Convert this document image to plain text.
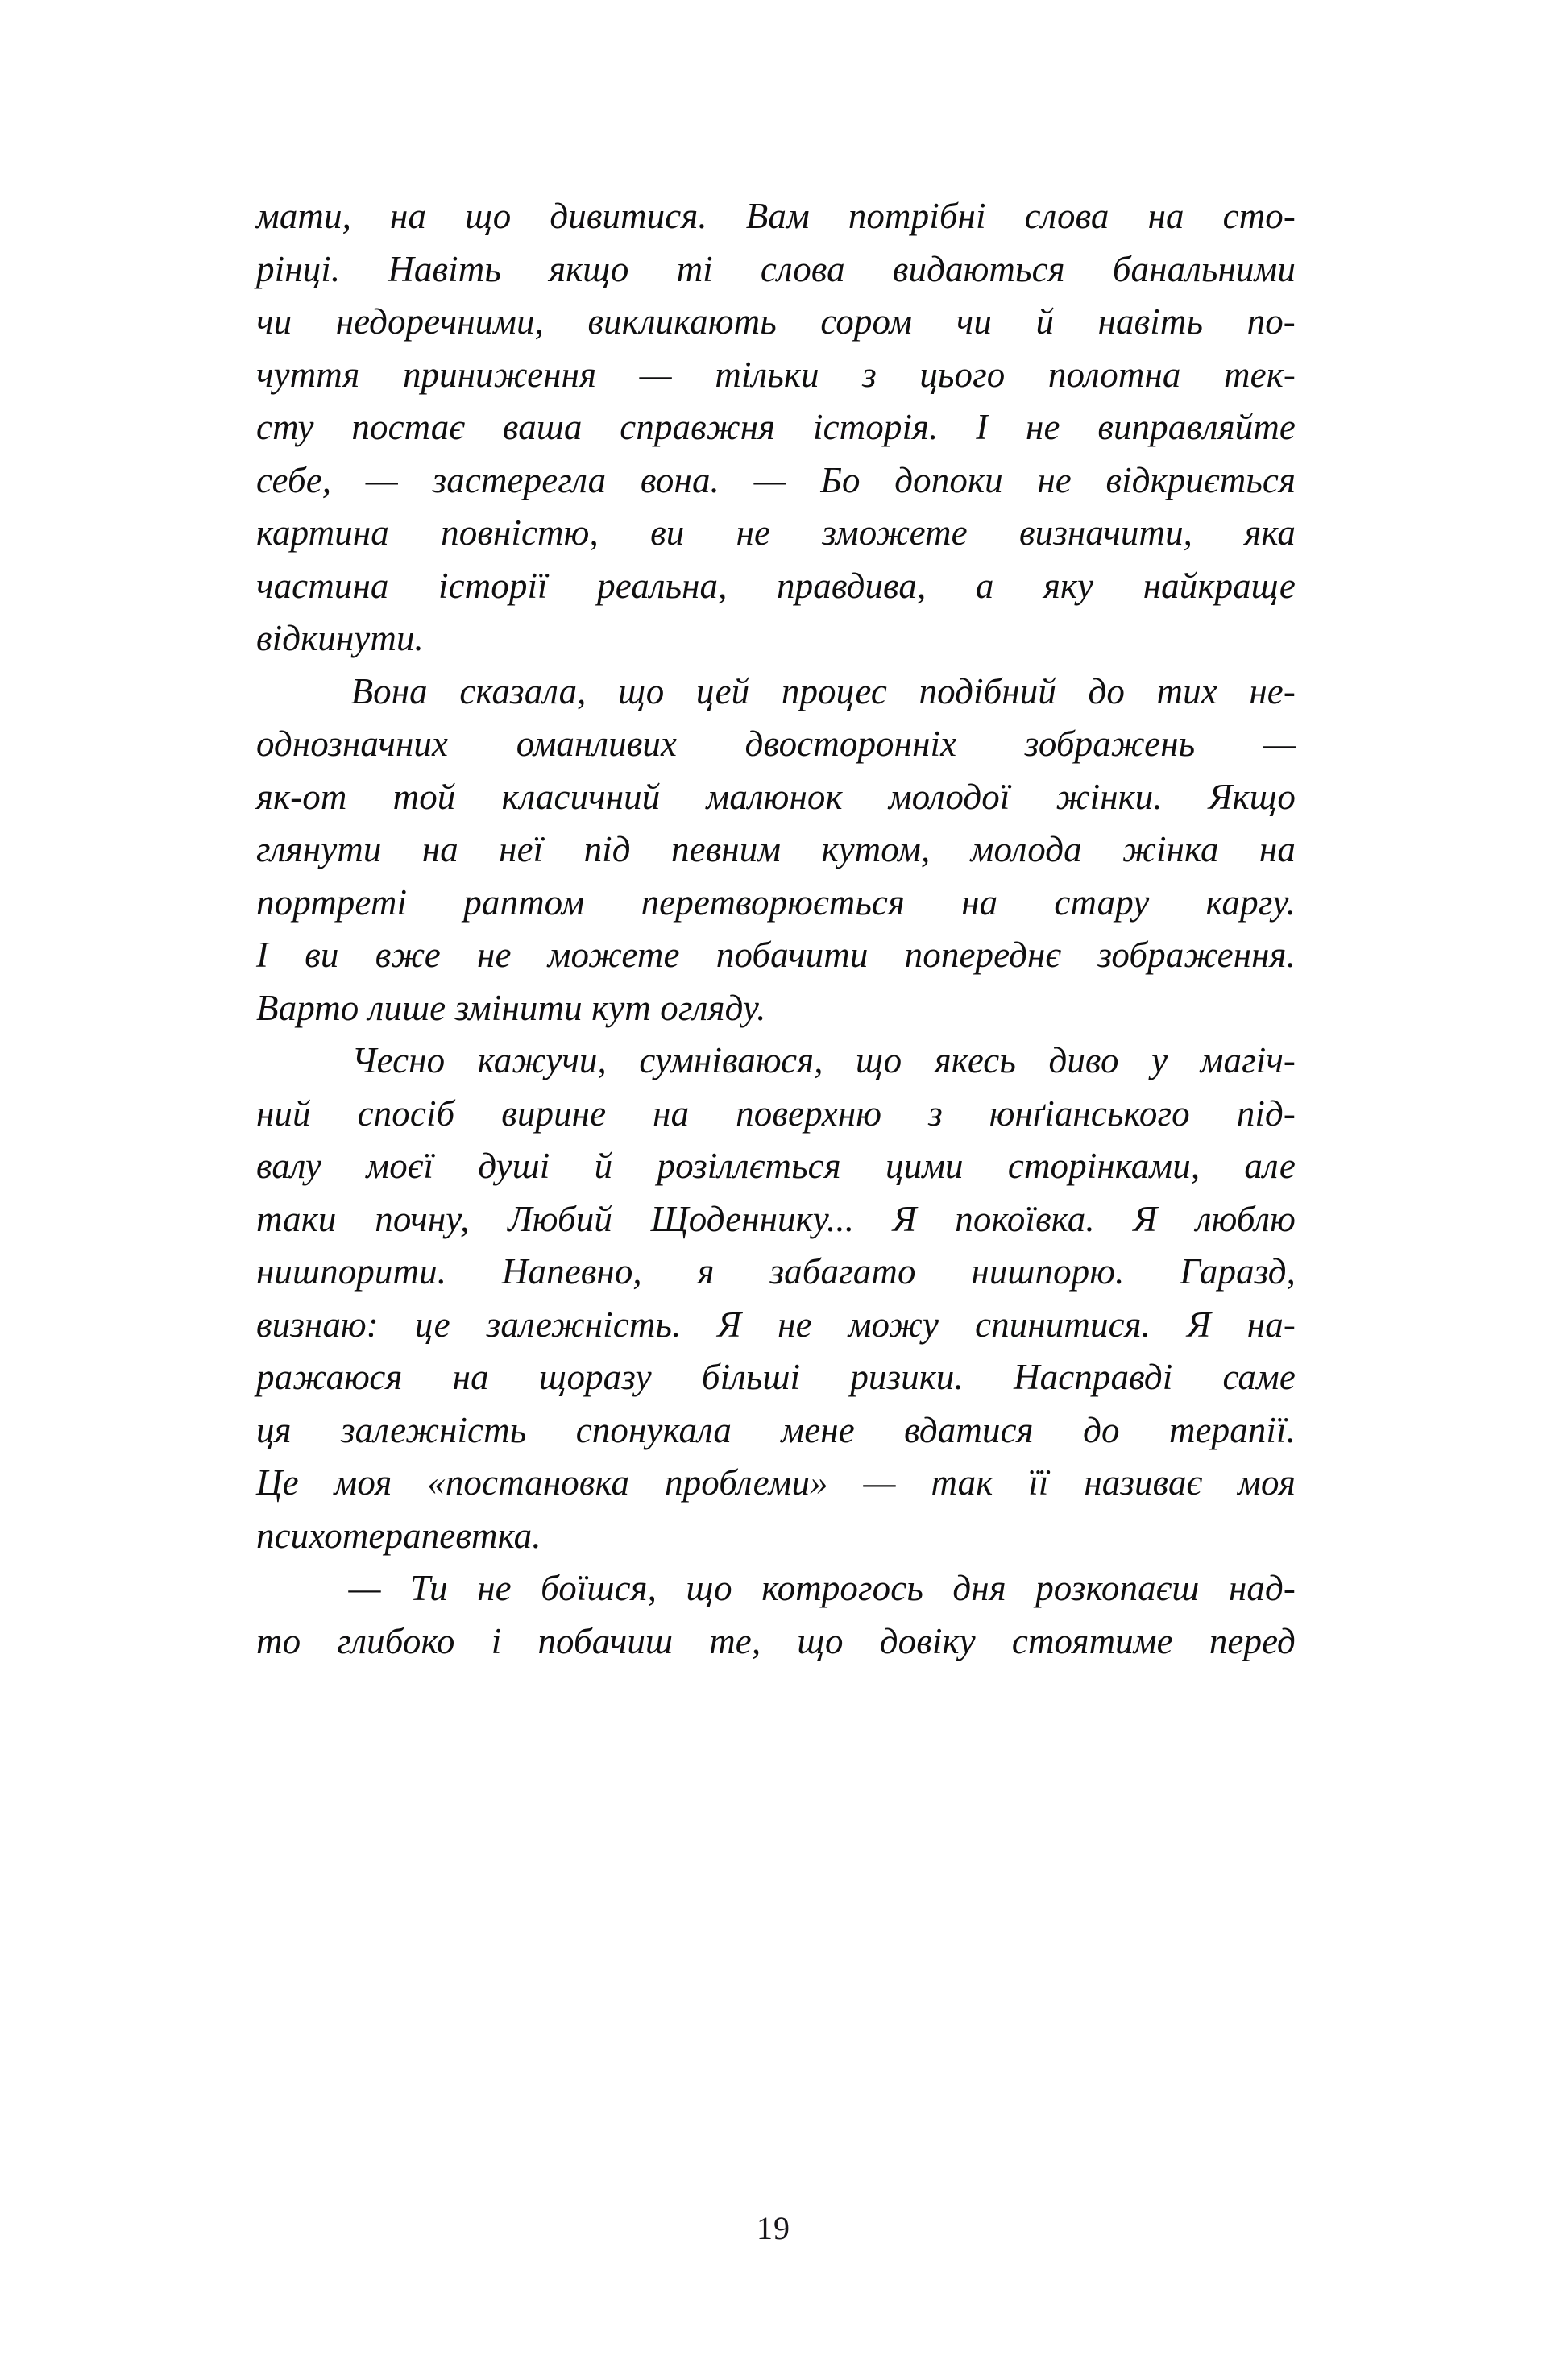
мати, на що дивитися. Вам потрібні слова на сто-
рінці. Навіть якщо ті слова видаються банальними
чи недоречними, викликають сором чи й навіть по-
чуття приниження — тільки з цього полотна тек-
сту постає ваша справжня історія. І не виправляйте
себе, — застерегла вона. — Бо допоки не відкриється
картина повністю, ви не зможете визначити, яка
частина історії реальна, правдива, а яку найкраще
відкинути.
Вона сказала, що цей процес подібний до тих не-
однозначних оманливих двосторонніх зображень —
як-от той класичний малюнок молодої жінки. Якщо
глянути на неї під певним кутом, молода жінка на
портреті раптом перетворюється на стару каргу.
І ви вже не можете побачити попереднє зображення.
Варто лише змінити кут огляду.
Чесно кажучи, сумніваюся, що якесь диво у магіч-
ний спосіб вирине на поверхню з юнґіанського пiд-
валу моєї душі й розіллється цими сторінками, але
таки почну, Любий Щоденнику... Я покоївка. Я люблю
нишпорити. Напевно, я забагато нишпорю. Гаразд,
визнаю: це залежність. Я не можу спинитися. Я на-
ражаюся на щоразу більші ризики. Насправді саме
ця залежність спонукала мене вдатися до терапії.
Це моя «постановка проблеми» — так її називає моя
психотерапевтка.
— Ти не боїшся, що котрогось дня розкопаєш над-
то глибоко і побачиш те, що довіку стоятиме перед
19
